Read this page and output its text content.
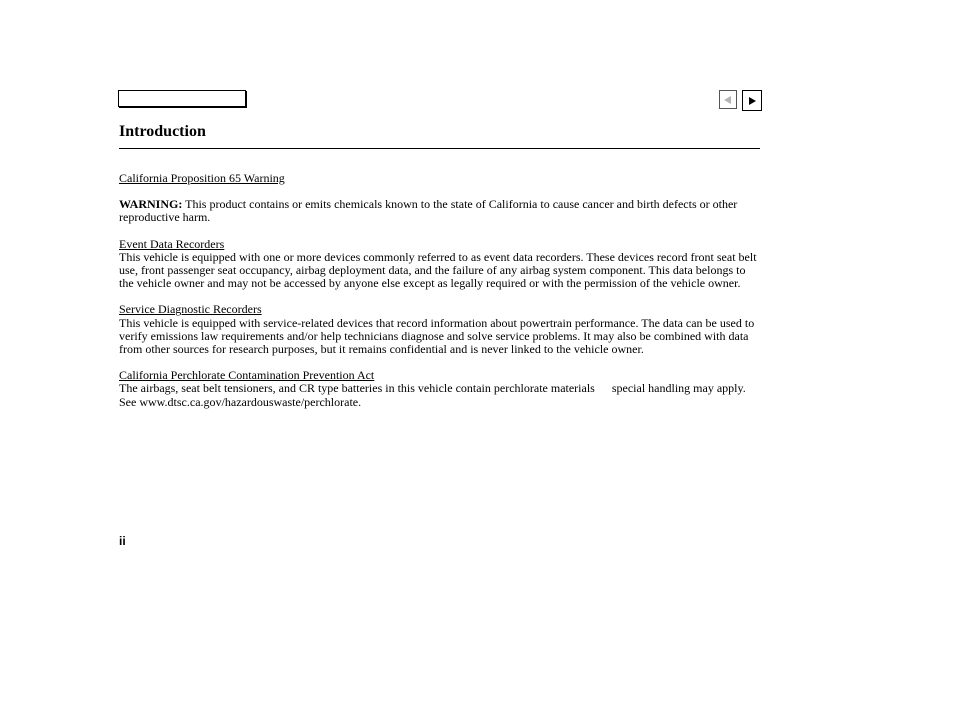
Introduction
California Proposition 65 Warning

WARNING: This product contains or emits chemicals known to the state of California to cause cancer and birth defects or other reproductive harm.

Event Data Recorders

This vehicle is equipped with one or more devices commonly referred to as event data recorders. These devices record front seat belt use, front passenger seat occupancy, airbag deployment data, and the failure of any airbag system component. This data belongs to the vehicle owner and may not be accessed by anyone else except as legally required or with the permission of the vehicle owner.

Service Diagnostic Recorders

This vehicle is equipped with service-related devices that record information about powertrain performance. The data can be used to verify emissions law requirements and/or help technicians diagnose and solve service problems. It may also be combined with data from other sources for research purposes, but it remains confidential and is never linked to the vehicle owner.

California Perchlorate Contamination Prevention Act

The airbags, seat belt tensioners, and CR type batteries in this vehicle contain perchlorate materials special handling may apply. See www.dtsc.ca.gov/hazardouswaste/perchlorate.

ii
